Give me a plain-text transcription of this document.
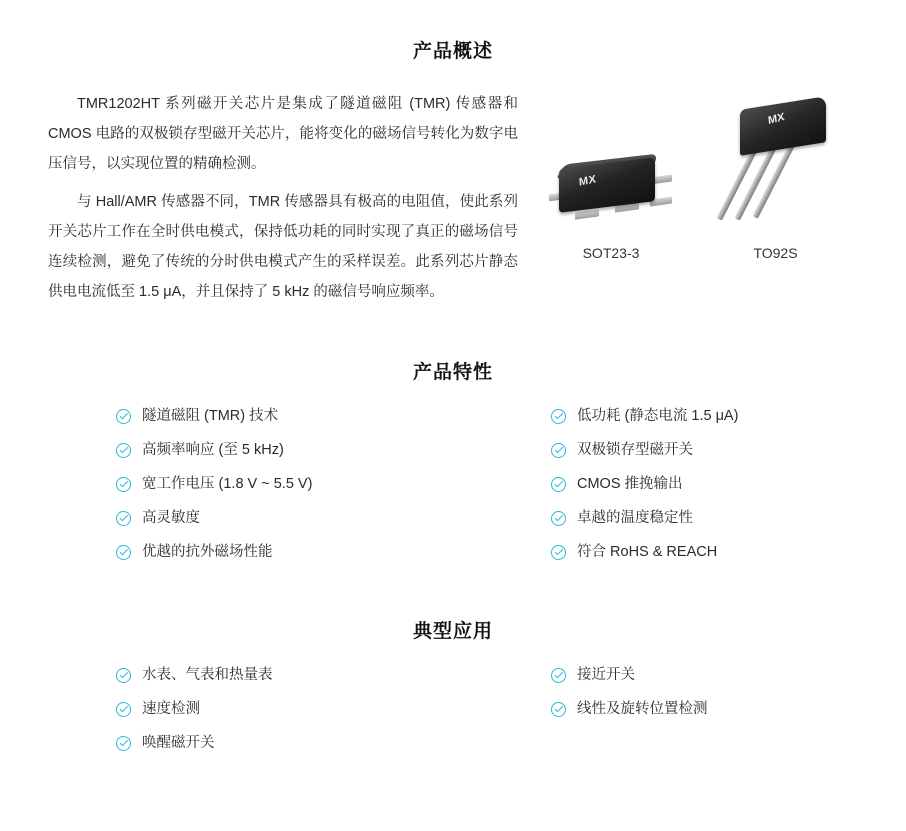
产品概述

TMR1202HT 系列磁开关芯片是集成了隧道磁阻 (TMR) 传感器和 CMOS 电路的双极锁存型磁开关芯片，能将变化的磁场信号转化为数字电压信号，以实现位置的精确检测。

与 Hall/AMR 传感器不同，TMR 传感器具有极高的电阻值，使此系列开关芯片工作在全时供电模式，保持低功耗的同时实现了真正的磁场信号连续检测，避免了传统的分时供电模式产生的采样误差。此系列芯片静态供电电流低至 1.5 μA，并且保持了 5 kHz 的磁信号响应频率。

MX
SOT23-3
MX
TO92S
产品特性
隧道磁阻 (TMR) 技术
高频率响应 (至 5 kHz)
宽工作电压 (1.8 V ~ 5.5 V)
高灵敏度
优越的抗外磁场性能
低功耗 (静态电流 1.5 μA)
双极锁存型磁开关
CMOS 推挽输出
卓越的温度稳定性
符合 RoHS & REACH
典型应用
水表、气表和热量表
速度检测
唤醒磁开关
接近开关
线性及旋转位置检测
